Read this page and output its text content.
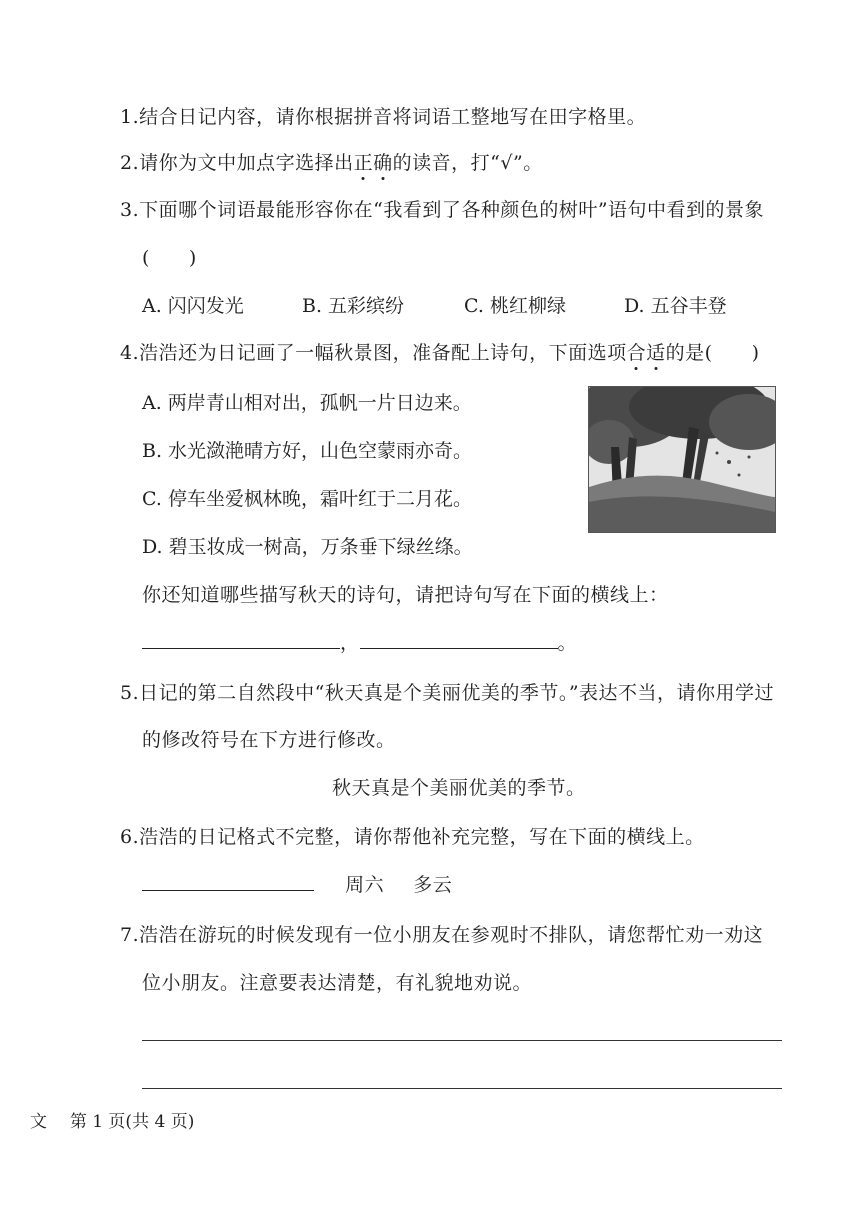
1.结合日记内容，请你根据拼音将词语工整地写在田字格里。
2.请你为文中加点字选择出正确的读音，打“√”。
3.下面哪个词语最能形容你在“我看到了各种颜色的树叶”语句中看到的景象
(　　)
A. 闪闪发光	B. 五彩缤纷	C. 桃红柳绿	D. 五谷丰登
4.浩浩还为日记画了一幅秋景图，准备配上诗句，下面选项合适的是(　　)
A. 两岸青山相对出，孤帆一片日边来。
B. 水光潋滟晴方好，山色空蒙雨亦奇。
C. 停车坐爱枫林晚，霜叶红于二月花。
D. 碧玉妆成一树高，万条垂下绿丝绦。
你还知道哪些描写秋天的诗句，请把诗句写在下面的横线上：
，	。
5.日记的第二自然段中“秋天真是个美丽优美的季节。”表达不当，请你用学过
的修改符号在下方进行修改。
秋天真是个美丽优美的季节。
6.浩浩的日记格式不完整，请你帮他补充完整，写在下面的横线上。
周六 多云
7.浩浩在游玩的时候发现有一位小朋友在参观时不排队，请您帮忙劝一劝这
位小朋友。注意要表达清楚，有礼貌地劝说。
文 第 1 页(共 4 页)
